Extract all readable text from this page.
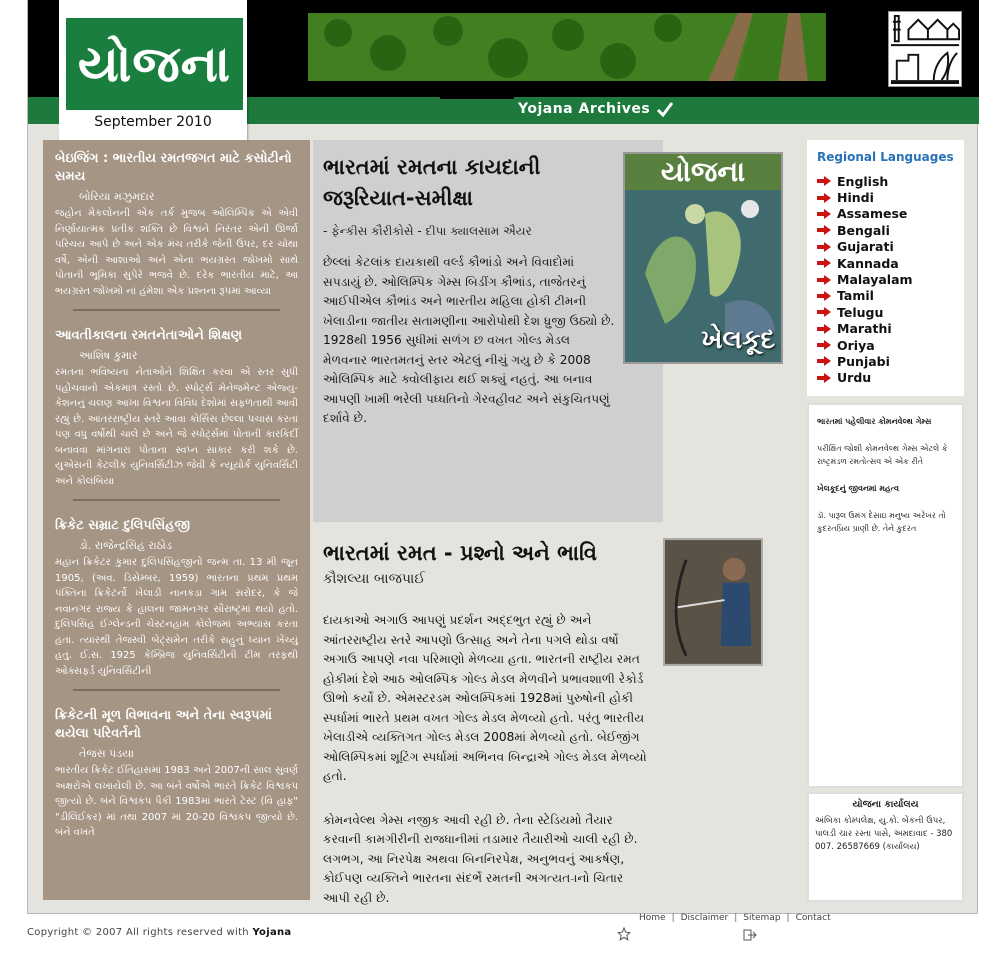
Yojana Archives
યોજના
September 2010
બેઇજિંગ : ભારતીય રમતજગત માટે કસોટીનો સમય
બોરિયા મઝુમદાર

જહોન મેકલોનની એક તર્ક મુજબ ઓલિમ્પિક એ એવી નિર્ણાયાત્મક પ્રતીક શક્તિ છે વિશ્વને નિરંતર એની ઊર્જા પરિચય આપે છે અને એક મંચ તરીકે જેની ઉપર, દર ચોથા વર્ષે, એની આશાઓ અને એના ભયગ્રસ્ત જોખમો સાથે પોતાની ભૂમિકા સુપેરે ભજવે છે. દરેક ભારતીય માટે, આ ભયગ્રસ્ત જોખમો નાં હંમેશા એક પ્રશ્નના રૂપમાં આવ્યા

આવતીકાલના રમતનેતાઓને શિક્ષણ
આશિષ કુમાર

રમતના ભવિષ્યના નેતાઓને શિક્ષિત કરવા એ સ્તર સુધી પહોંચવાનો એકમાત્ર રસ્તો છે. સ્પોર્ટ્સ મેનેજમેન્ટ એજ્યુ-કેશનનું ચલણ આખા વિશ્વના વિવિધ દેશોમાં સફળતાથી આવી રહ્યું છે. આંતરરાષ્ટ્રીય સ્તરે આવા કોર્સિસ છેલ્લા પચાસ કરતાં પણ વધુ વર્ષોથી ચાલે છે અને જે સ્પોર્ટ્સમાં પોતાની કારકિર્દી બનાવવા માંગનારા પોતાના સ્વપ્ન સાકાર કરી શકે છે. યુએસની કેટલીક યુનિવર્સિટીઝ જેવી કે ન્યૂયોર્ક યુનિવર્સિટી અને કોલંબિયા

ક્રિકેટ સમ્રાટ દુલિપસિંહજી
ડો. રાજેન્દ્રસિંહ રાઠોડ

મહાન ક્રિકેટર કુમાર દુલિપસિંહજીનો જન્મ તા. 13 મી જૂન 1905, (અવ. ડિસેમ્બર, 1959) ભારતના પ્રથમ પ્રથમ પંક્તિના ક્રિકેટર્નો ખેલાડી નાનકડા ગામ સરોદર, કે જે નવાનગર રાજ્ય કે હાલના જામનગર સૌરાષ્ટ્રમાં થયો હતો. દુલિપસિંહ ઈંગ્લેન્ડની ચેસ્ટનહામ કોલેજમાં અભ્યાસ કરતા હતા. ત્યારથી તેજસ્વી બેટ્સમેન તરીકે સહુનું ધ્યાન ખેંચ્યું હતું. ઈ.સ. 1925 કેમ્બ્રિજ યુનિવર્સિટીની ટીમ તરફથી ઓક્સફર્ડ યુનિવર્સિટીની

ક્રિકેટની મૂળ વિભાવના અને તેના સ્વરૂપમાં થયેલા પરિવર્તનો
તેજસ પંડયા

ભારતીય ક્રિકેટ ઈતિહાસમાં 1983 અને 2007ની સાલ સુવર્ણ અક્ષરોએ લખાયેલી છે. આ બંને વર્ષોએ ભારતે ક્રિકેટ વિશ્વકપ જીત્યો છે. બંને વિશ્વકપ પૈકી 1983માં ભારતે ટેસ્ટ (વિ હાફ" "ડીલિંઈકર) માં તથા 2007 માં 20-20 વિશ્વકપ જીત્યો છે. બંને વખતે

ભારતમાં રમતના કાયદાની જરૂરિયાત-સમીક્ષા
- ફેન્કીસ કૌરીકોસે - દીપા ક્યાલસામ ઐયર
છેલ્લાં કેટલાંક દાયકાથી વર્લ્ડ કૌભાંડો અને વિવાદોમાં સપડાયું છે. ઓલિમ્પિક ગેમ્સ બિડીંગ કૌભાંડ, તાજેતરનું આઈપીએલ કૌભાંડ અને ભારતીય મહિલા હોકી ટીમની ખેલાડીના જાતીય સતામણીના આરોપોથી દેશ ધ્રુજી ઉઠ્યો છે. 1928થી 1956 સુધીમાં સળંગ છ વખત ગોલ્ડ મેડલ મેળવનાર ભારતમતનું સ્તર એટલું નીચું ગયુ છે કે 2008 ઓલિમ્પિક માટે ક્વોલીફાય થઈ શક્યું નહતું. આ બનાવ આપણી ખામી ભરેલી પધ્ધતિનો ગેરવહીવટ અને સંકુચિતપણું દર્શાવે છે.
યોજના
ખેલકૂદ
ભારતમાં રમત - પ્રશ્નો અને ભાવિ
કૌશલ્યા બાજપાઈ
દાયકાઓ અગાઉ આપણું પ્રદર્શન અદ્દભુત રહ્યું છે અને આંતરરાષ્ટ્રીય સ્તરે આપણો ઉત્સાહ અને તેના પગલે થોડા વર્ષો અગાઉ આપણે નવા પરિમાણો મેળવ્યા હતા. ભારતની રાષ્ટ્રીય રમત હોકીમાં દેશે આઠ ઓલમ્પિક ગોલ્ડ મેડલ મેળવીને પ્રભાવશાળી રેકોર્ડ ઊભો કર્યો છે. એમસ્ટરડમ ઓલમ્પિકમાં 1928માં પુરુષોની હોકી સ્પર્ધામાં ભારતે પ્રથમ વખત ગોલ્ડ મેડલ મેળવ્યો હતો. પરંતુ ભારતીય ખેલાડીએ વ્યક્તિગત ગોલ્ડ મેડલ 2008માં મેળવ્યો હતો. બેઈજીંગ ઓલિમ્પિકમાં શૂટિંગ સ્પર્ધામાં અભિનવ બિન્દ્રાએ ગોલ્ડ મેડલ મેળવ્યો હતો.
કોમનવેલ્થ ગેમ્સ નજીક આવી રહી છે. તેના સ્ટેડિયમો તૈયાર કરવાની કામગીરીની રાજધાનીમાં તડામાર તૈયારીઓ ચાલી રહી છે. લગભગ, આ નિરપેક્ષ અથવા બિનનિરપેક્ષ, અનુભવનું આકર્ષણ, કોઈપણ વ્યક્તિને ભારતના સંદર્ભે રમતની અગત્યત-ાનો ચિતાર આપી રહી છે.
Regional Languages
English
Hindi
Assamese
Bengali
Gujarati
Kannada
Malayalam
Tamil
Telugu
Marathi
Oriya
Punjabi
Urdu
ભારતમાં પહેલીવાર કોમનવેલ્થ ગેમ્સ
પરીક્ષિત જોશી કોમનવેલ્થ ગેમ્સ એટલે કે રાષ્ટ્રમંડળ રમતોત્સવ એ એક રીતે
ખેલકૂદનું જીવનમાં મહત્વ
ડૉ. પારૂલ ઉમંગ દેસાઇ મનુષ્ય અરેખર તો કુદરતપ્રિય પ્રાણી છે. તેને કુદરત
યોજના કાર્યાલય
અંબિકા કોમ્પલેક્ષ, યુ.કો. બેંકની ઉપર, પાલડી ચાર રસ્તા પાસે, અમદાવાદ - 380 007. 26587669 (કાર્યાલય)
Home | Disclaimer | Sitemap | Contact
Copyright © 2007 All rights reserved with Yojana
